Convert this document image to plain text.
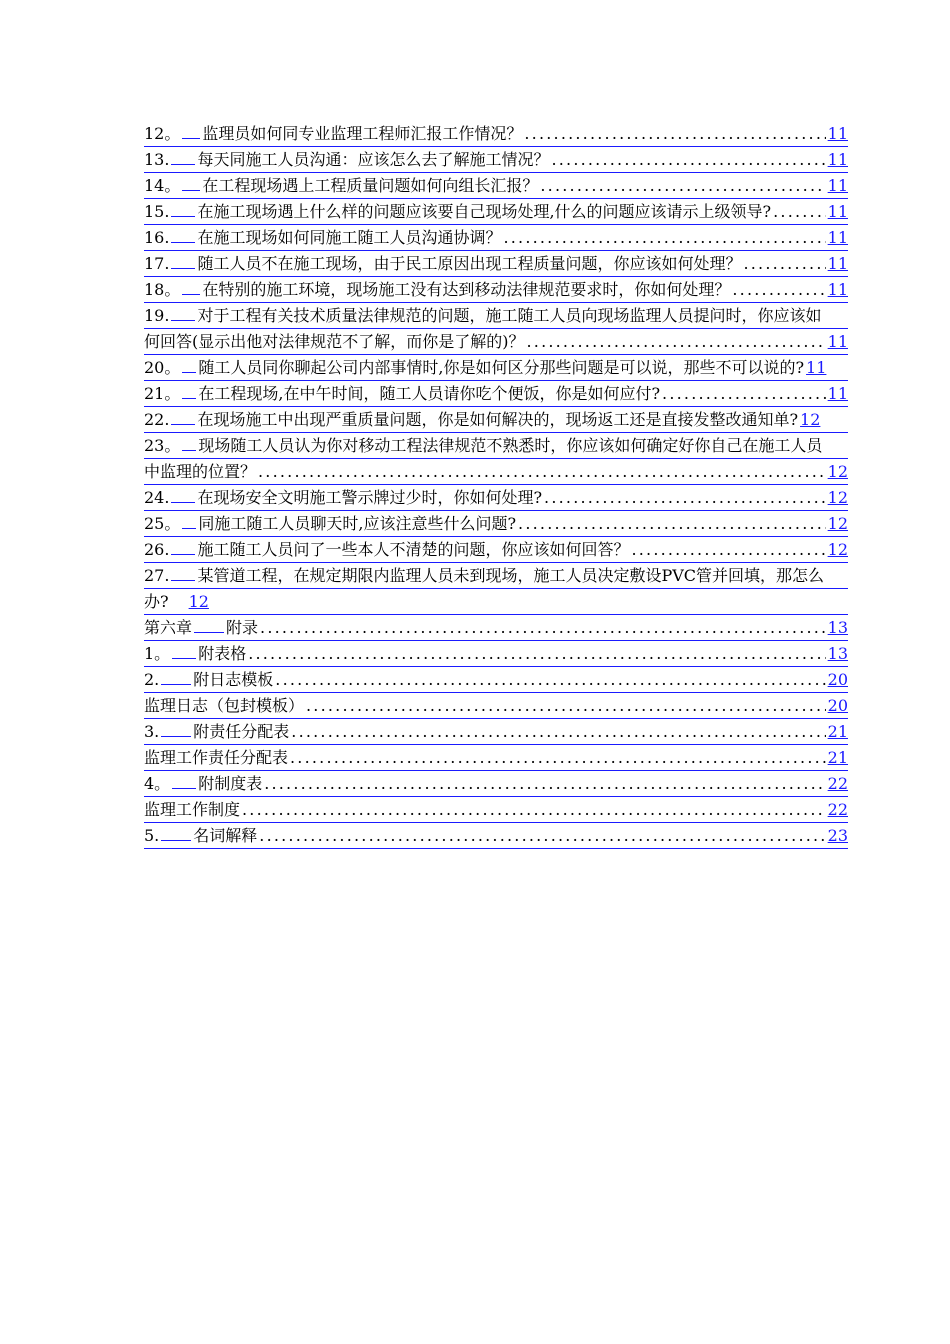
12。 监理员如何同专业监理工程师汇报工作情况？ .....	11
13. 每天同施工人员沟通：应该怎么去了解施工情况？ .....	11
14。 在工程现场遇上工程质量问题如何向组长汇报？ .....	11
15. 在施工现场遇上什么样的问题应该要自己现场处理,什么的问题应该请示上级领导? .....	11
16. 在施工现场如何同施工随工人员沟通协调？ .....	11
17. 随工人员不在施工现场，由于民工原因出现工程质量问题，你应该如何处理？ .....	11
18。 在特别的施工环境，现场施工没有达到移动法律规范要求时，你如何处理？ .....	11
19. 对于工程有关技术质量法律规范的问题，施工随工人员向现场监理人员提问时，你应该如
何回答(显示出他对法律规范不了解，而你是了解的)？ .....	11
20。 随工人员同你聊起公司内部事情时,你是如何区分那些问题是可以说，那些不可以说的? 11
21。 在工程现场,在中午时间，随工人员请你吃个便饭，你是如何应付? .....	11
22. 在现场施工中出现严重质量问题，你是如何解决的，现场返工还是直接发整改通知单? 12
23。 现场随工人员认为你对移动工程法律规范不熟悉时，你应该如何确定好你自己在施工人员
中监理的位置？ .....	12
24. 在现场安全文明施工警示牌过少时，你如何处理? .....	12
25。 同施工随工人员聊天时,应该注意些什么问题? .....	12
26. 施工随工人员问了一些本人不清楚的问题，你应该如何回答？ .....	12
27. 某管道工程，在规定期限内监理人员未到现场，施工人员决定敷设PVC管并回填，那怎么
办? 12
第六章 附录 .....	13
1。 附表格 .....	13
2. 附日志模板 .....	20
监理日志（包封模板） .....	20
3. 附责任分配表 .....	21
监理工作责任分配表 .....	21
4。 附制度表 .....	22
监理工作制度 .....	22
5. 名词解释 .....	23
